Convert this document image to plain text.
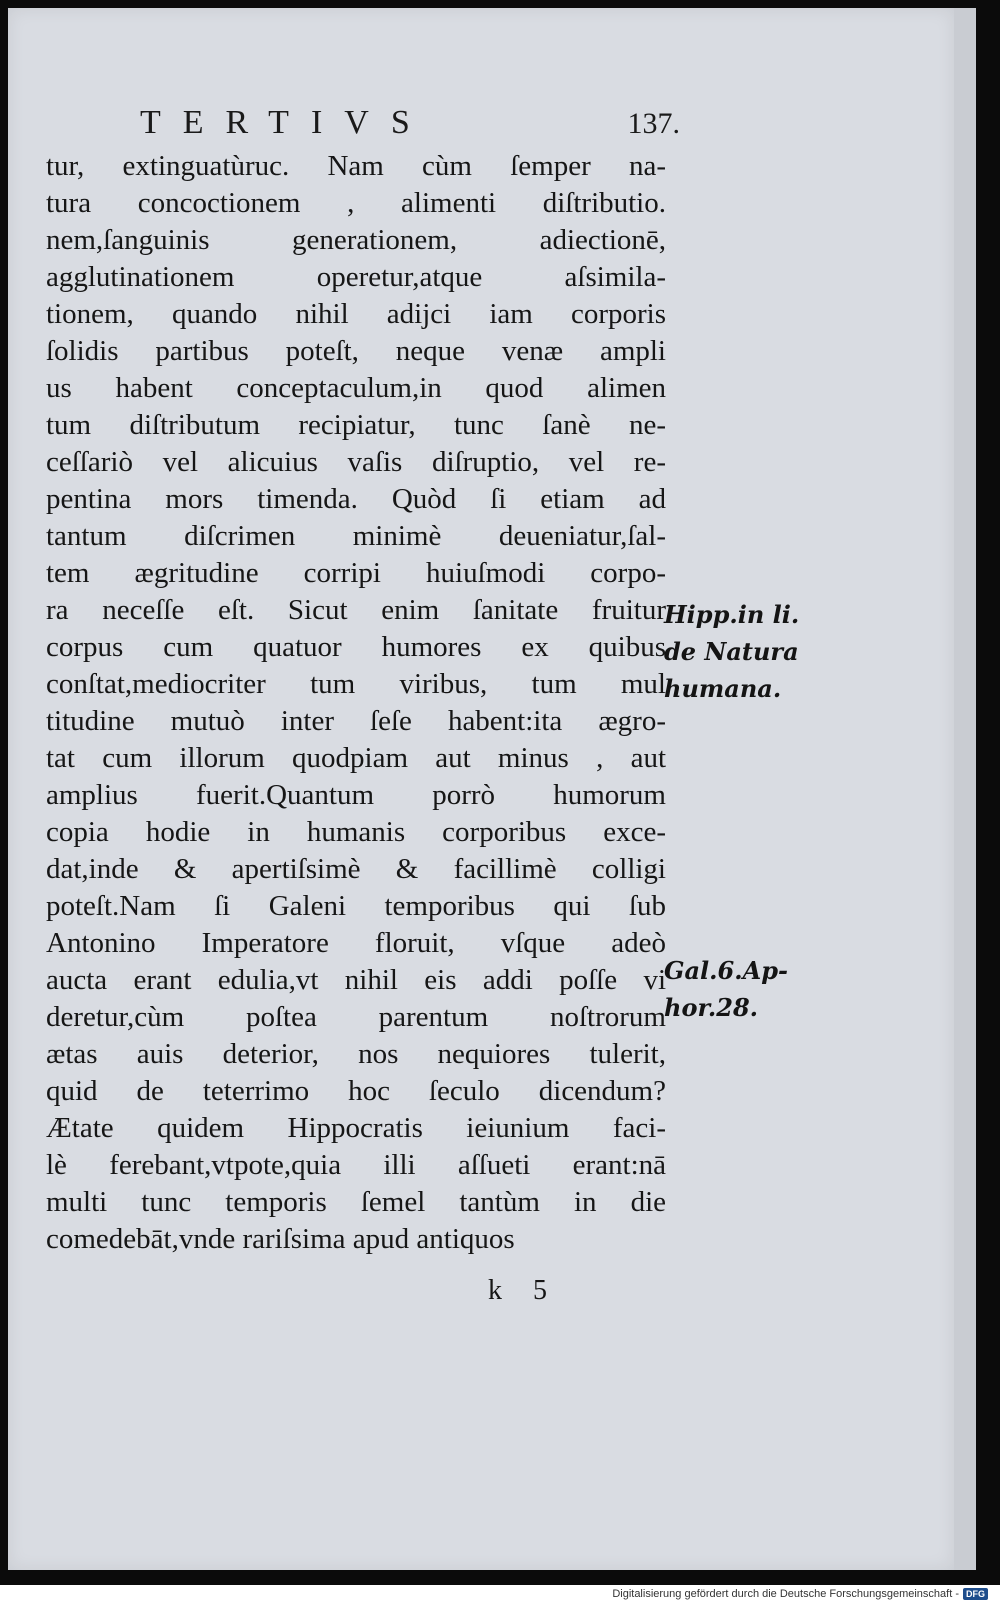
TERTIVS	137.
tur, extinguatùruc. Nam cùm ſemper na-
tura concoctionem , alimenti diſtributio.
nem,ſanguinis generationem, adiectionē,
agglutinationem operetur,atque aſsimila-
tionem, quando nihil adijci iam corporis
ſolidis partibus poteſt, neque venæ ampli
us habent conceptaculum,in quod alimen
tum diſtributum recipiatur, tunc ſanè ne-
ceſſariò vel alicuius vaſis diſruptio, vel re-
pentina mors timenda. Quòd ſi etiam ad
tantum diſcrimen minimè deueniatur,ſal-
tem ægritudine corripi huiuſmodi corpo-
ra neceſſe eſt. Sicut enim ſanitate fruitur
corpus cum quatuor humores ex quibus
conſtat,mediocriter tum viribus, tum mul
titudine mutuò inter ſeſe habent:ita ægro-
tat cum illorum quodpiam aut minus , aut
amplius fuerit.Quantum porrò humorum
copia hodie in humanis corporibus exce-
dat,inde & apertiſsimè & facillimè colligi
poteſt.Nam ſi Galeni temporibus qui ſub
Antonino Imperatore floruit, vſque adeò
aucta erant edulia,vt nihil eis addi poſſe vi
deretur,cùm poſtea parentum noſtrorum
ætas auis deterior, nos nequiores tulerit,
quid de teterrimo hoc ſeculo dicendum?
Ætate quidem Hippocratis ieiunium faci-
lè ferebant,vtpote,quia illi aſſueti erant:nā
multi tunc temporis ſemel tantùm in die
comedebāt,vnde rariſsima apud antiquos
Hipp.in li.
de Natura
humana.
Gal.6.Ap-
hor.28.
k 5
Digitalisierung gefördert durch die Deutsche Forschungsgemeinschaft - DFG
